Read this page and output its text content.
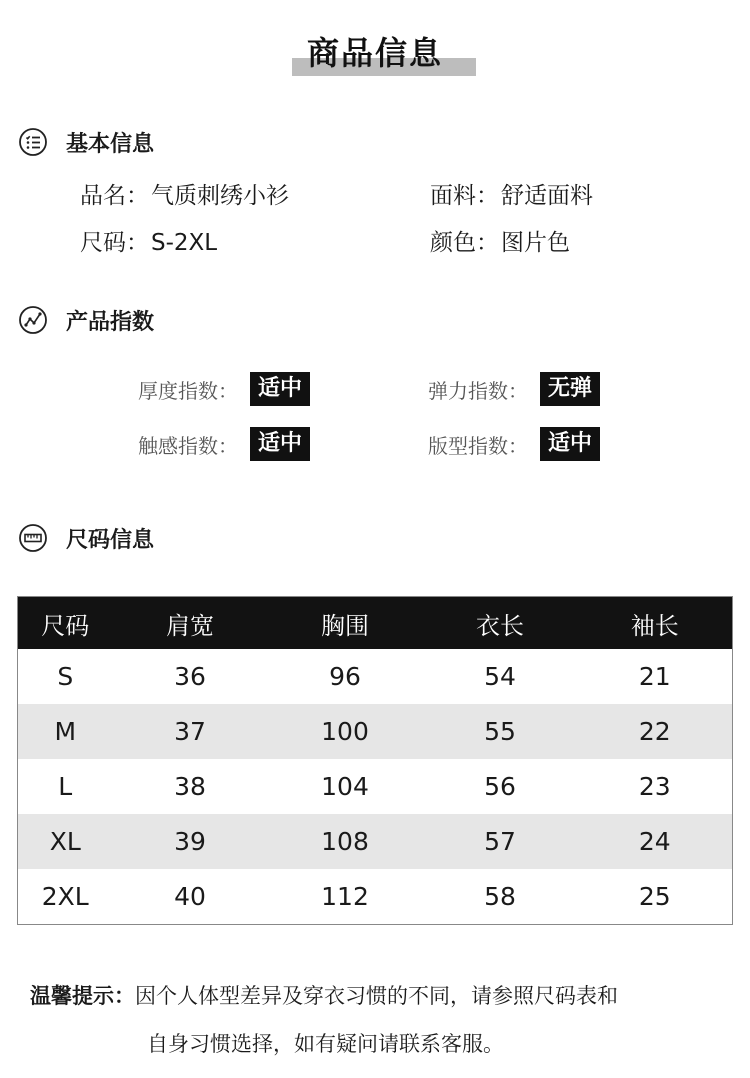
商品信息
基本信息
品名：气质刺绣小衫	面料：舒适面料
尺码：S-2XL	颜色：图片色
产品指数
厚度指数： 适中	弹力指数： 无弹
触感指数： 适中	版型指数： 适中
尺码信息
尺码	肩宽	胸围	衣长	袖长
S	36	96	54	21
M	37	100	55	22
L	38	104	56	23
XL	39	108	57	24
2XL	40	112	58	25
温馨提示：因个人体型差异及穿衣习惯的不同，请参照尺码表和
自身习惯选择，如有疑问请联系客服。
